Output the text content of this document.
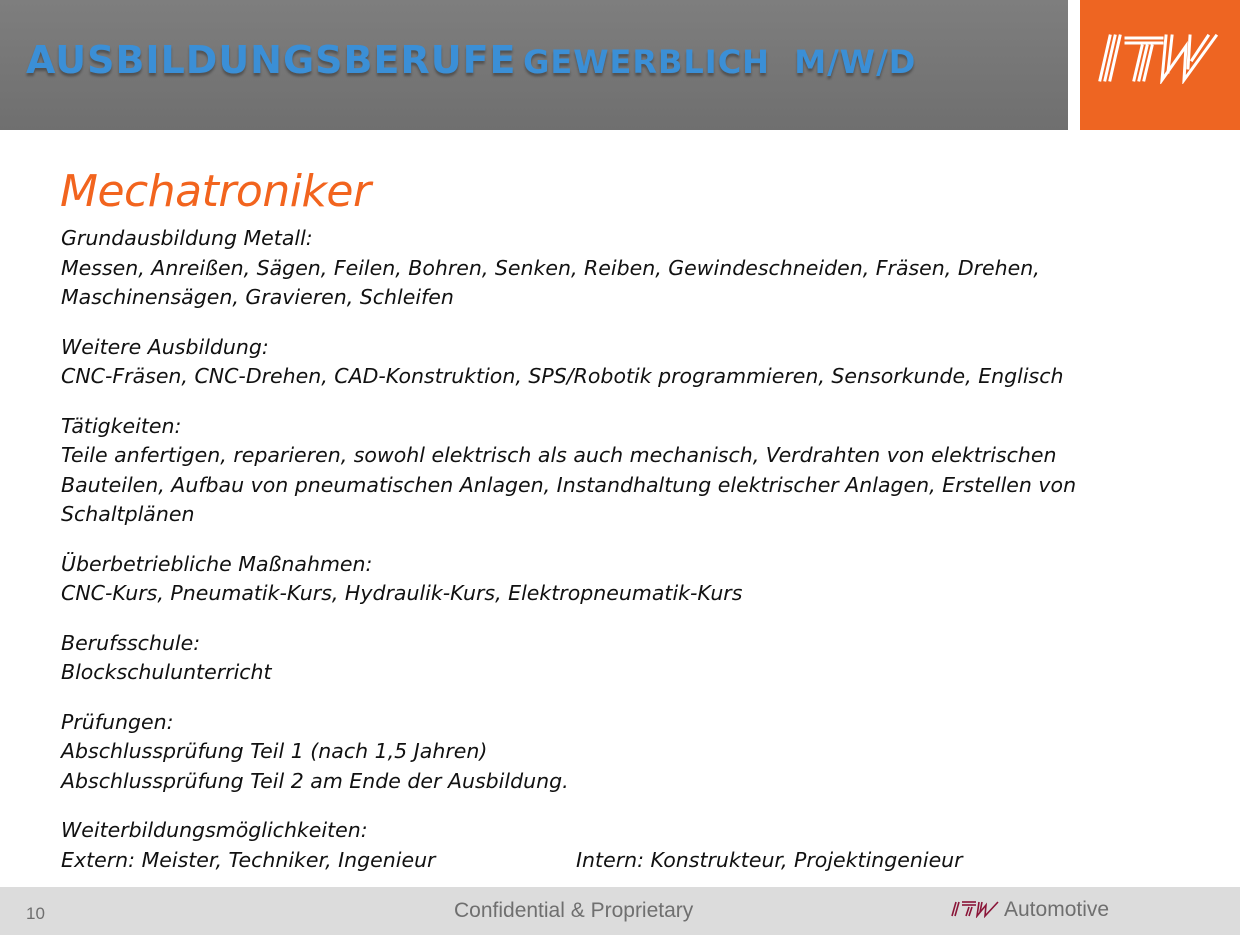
AUSBILDUNGSBERUFE GEWERBLICH  M/W/D
Mechatroniker

Grundausbildung Metall:

Messen, Anreißen, Sägen, Feilen, Bohren, Senken, Reiben, Gewindeschneiden, Fräsen, Drehen,

Maschinensägen, Gravieren, Schleifen

Weitere Ausbildung:

CNC-Fräsen, CNC-Drehen, CAD-Konstruktion, SPS/Robotik programmieren, Sensorkunde, Englisch

Tätigkeiten:

Teile anfertigen, reparieren, sowohl elektrisch als auch mechanisch, Verdrahten von elektrischen

Bauteilen, Aufbau von pneumatischen Anlagen, Instandhaltung elektrischer Anlagen, Erstellen von

Schaltplänen

Überbetriebliche Maßnahmen:

CNC-Kurs, Pneumatik-Kurs, Hydraulik-Kurs, Elektropneumatik-Kurs

Berufsschule:

Blockschulunterricht

Prüfungen:

Abschlussprüfung Teil 1 (nach 1,5 Jahren)

Abschlussprüfung Teil 2 am Ende der Ausbildung.

Weiterbildungsmöglichkeiten:

Extern: Meister, Techniker, Ingenieur	Intern: Konstrukteur, Projektingenieur
10	Confidential & Proprietary	Automotive
